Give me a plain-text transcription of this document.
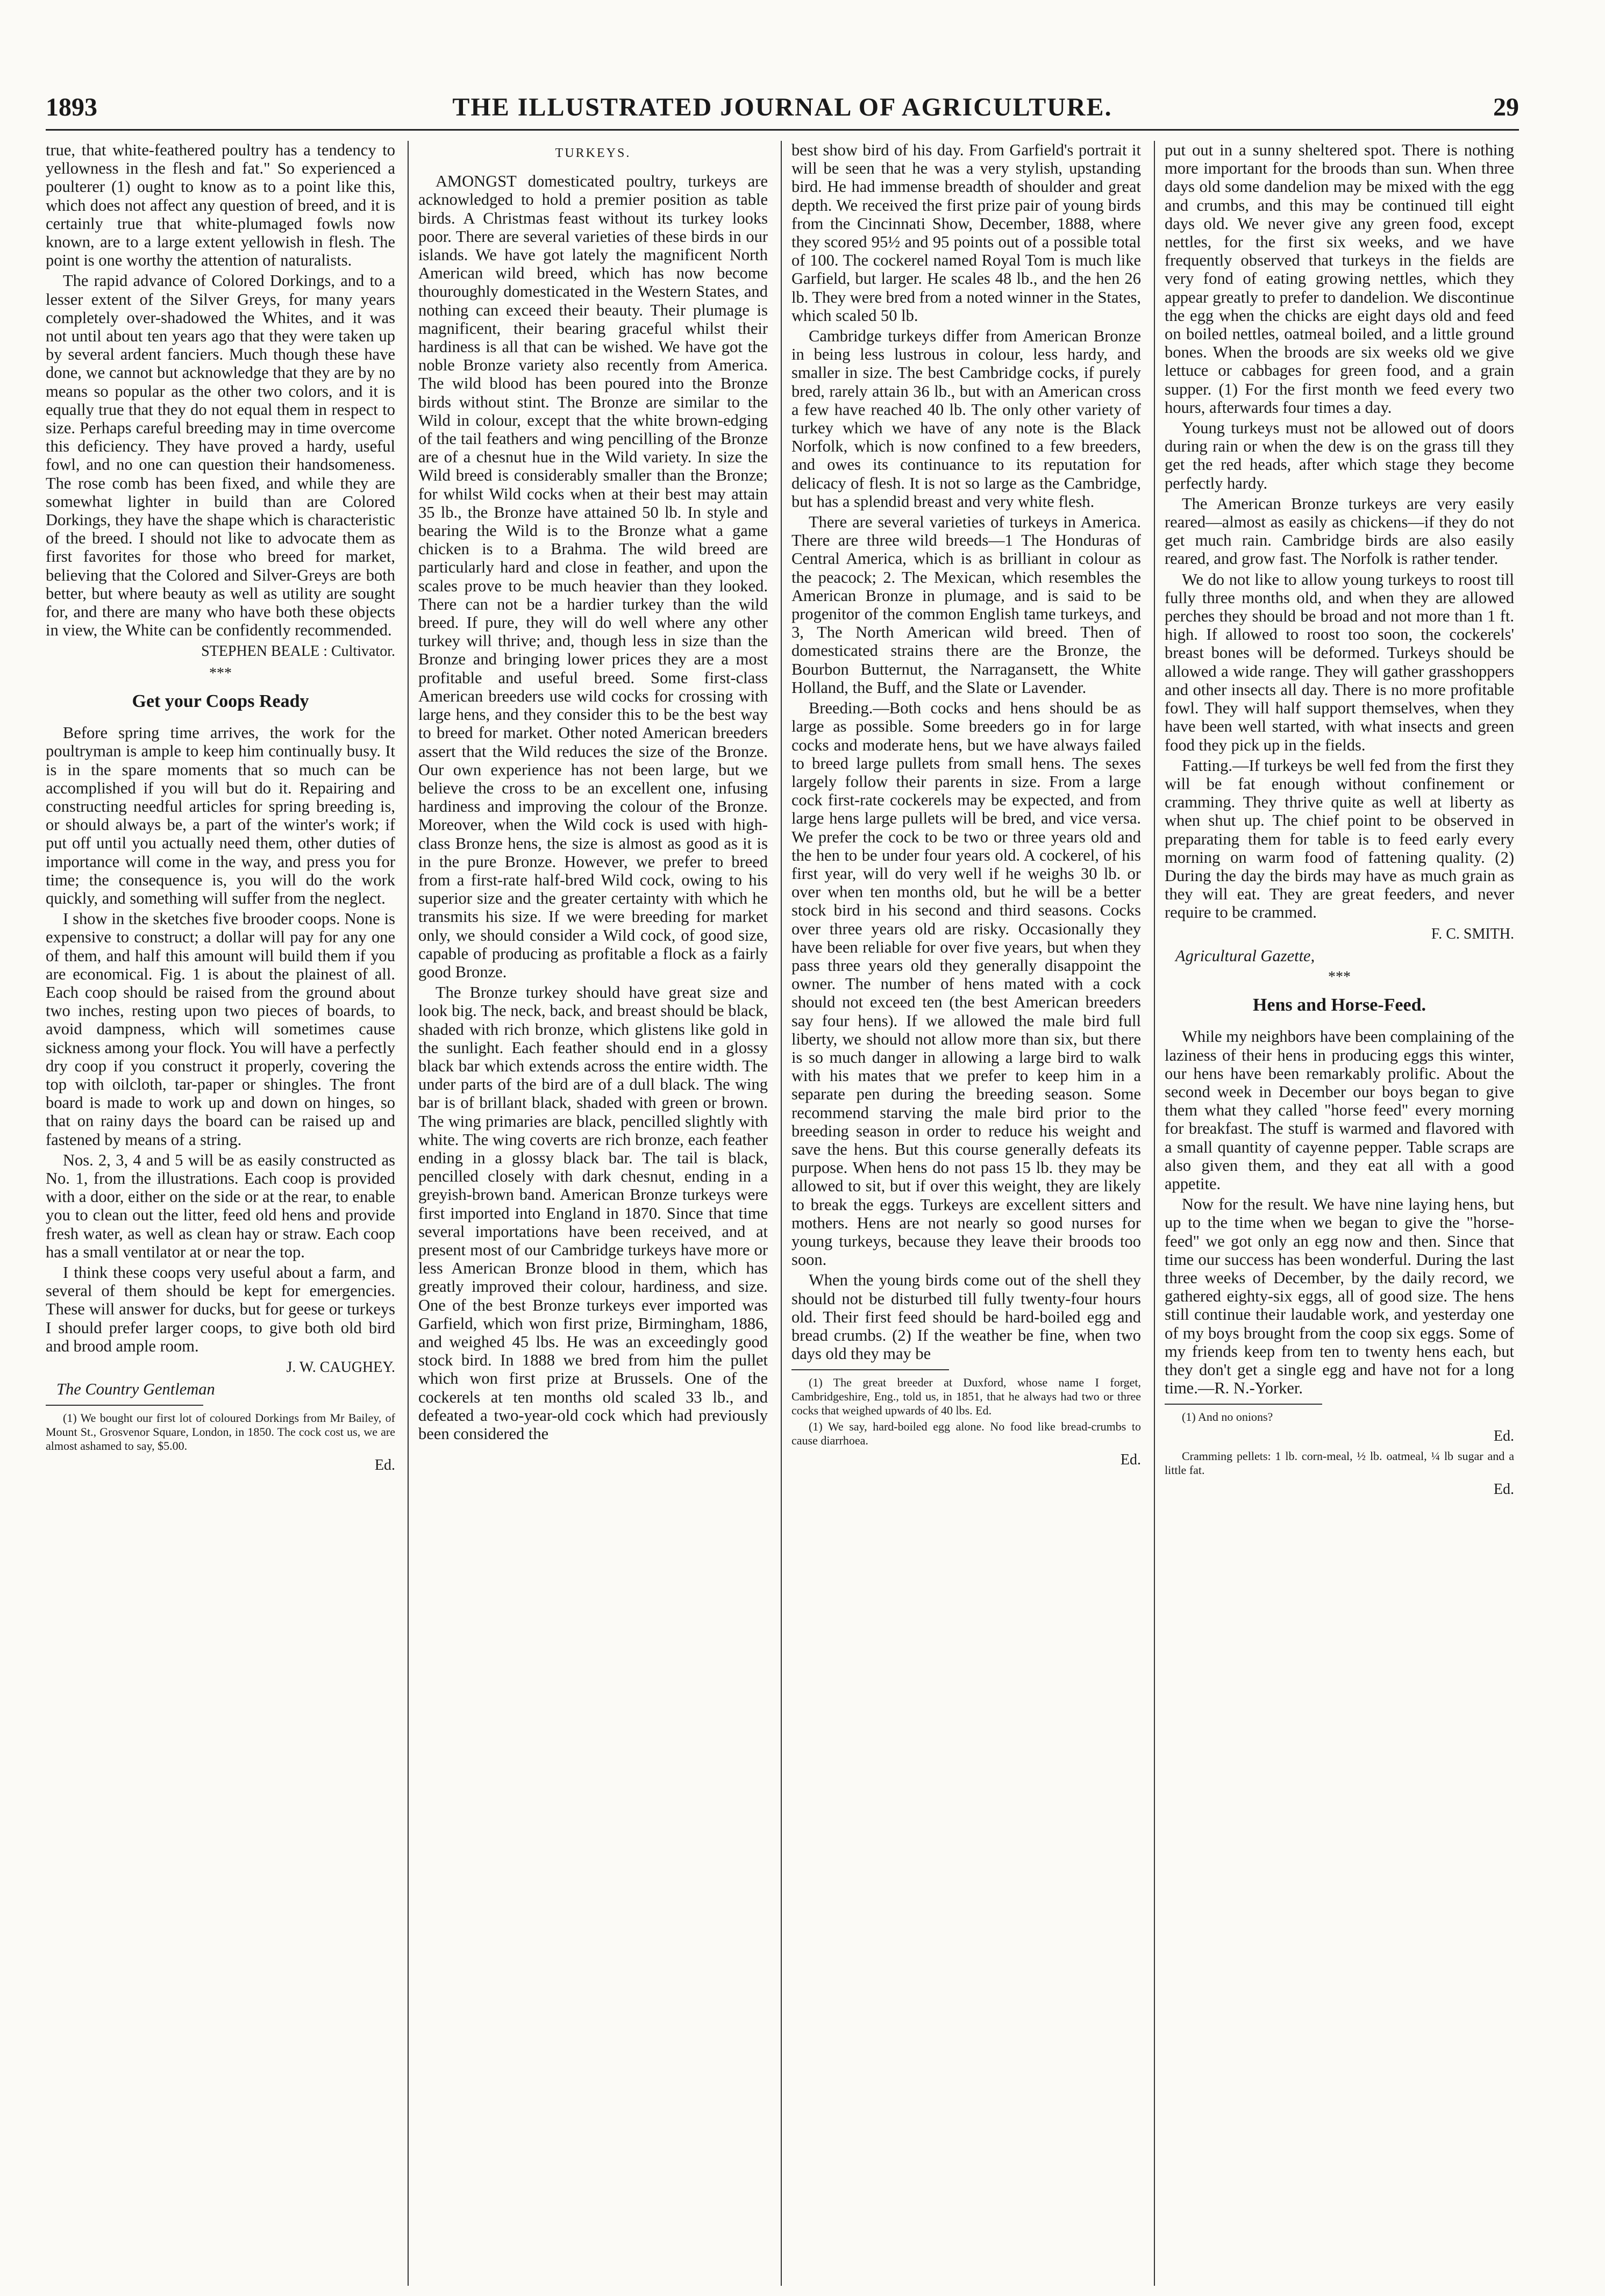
THE ILLUSTRATED JOURNAL OF AGRICULTURE.
1893	29

true, that white-feathered poultry has a tendency to yellowness in the flesh and fat." So experienced a poulterer (1) ought to know as to a point like this, which does not affect any question of breed, and it is certainly true that white-plumaged fowls now known, are to a large extent yellowish in flesh. The point is one worthy the attention of naturalists.

The rapid advance of Colored Dorkings, and to a lesser extent of the Silver Greys, for many years completely over-shadowed the Whites, and it was not until about ten years ago that they were taken up by several ardent fanciers. Much though these have done, we cannot but acknowledge that they are by no means so popular as the other two colors, and it is equally true that they do not equal them in respect to size. Perhaps careful breeding may in time overcome this deficiency. They have proved a hardy, useful fowl, and no one can question their handsomeness. The rose comb has been fixed, and while they are somewhat lighter in build than are Colored Dorkings, they have the shape which is characteristic of the breed. I should not like to advocate them as first favorites for those who breed for market, believing that the Colored and Silver-Greys are both better, but where beauty as well as utility are sought for, and there are many who have both these objects in view, the White can be confidently recommended.

STEPHEN BEALE : Cultivator.
***
Get your Coops Ready

Before spring time arrives, the work for the poultryman is ample to keep him continually busy. It is in the spare moments that so much can be accomplished if you will but do it. Repairing and constructing needful articles for spring breeding is, or should always be, a part of the winter's work; if put off until you actually need them, other duties of importance will come in the way, and press you for time; the consequence is, you will do the work quickly, and something will suffer from the neglect.

I show in the sketches five brooder coops. None is expensive to construct; a dollar will pay for any one of them, and half this amount will build them if you are economical. Fig. 1 is about the plainest of all. Each coop should be raised from the ground about two inches, resting upon two pieces of boards, to avoid dampness, which will sometimes cause sickness among your flock. You will have a perfectly dry coop if you construct it properly, covering the top with oilcloth, tar-paper or shingles. The front board is made to work up and down on hinges, so that on rainy days the board can be raised up and fastened by means of a string.

Nos. 2, 3, 4 and 5 will be as easily constructed as No. 1, from the illustrations. Each coop is provided with a door, either on the side or at the rear, to enable you to clean out the litter, feed old hens and provide fresh water, as well as clean hay or straw. Each coop has a small ventilator at or near the top.

I think these coops very useful about a farm, and several of them should be kept for emergencies. These will answer for ducks, but for geese or turkeys I should prefer larger coops, to give both old bird and brood ample room.

J. W. CAUGHEY.
The Country Gentleman

(1) We bought our first lot of coloured Dorkings from Mr Bailey, of Mount St., Grosvenor Square, London, in 1850. The cock cost us, we are almost ashamed to say, $5.00.

Ed.
TURKEYS.

AMONGST domesticated poultry, turkeys are acknowledged to hold a premier position as table birds. A Christmas feast without its turkey looks poor. There are several varieties of these birds in our islands. We have got lately the magnificent North American wild breed, which has now become thouroughly domesticated in the Western States, and nothing can exceed their beauty. Their plumage is magnificent, their bearing graceful whilst their hardiness is all that can be wished. We have got the noble Bronze variety also recently from America. The wild blood has been poured into the Bronze birds without stint. The Bronze are similar to the Wild in colour, except that the white brown-edging of the tail feathers and wing pencilling of the Bronze are of a chesnut hue in the Wild variety. In size the Wild breed is considerably smaller than the Bronze; for whilst Wild cocks when at their best may attain 35 lb., the Bronze have attained 50 lb. In style and bearing the Wild is to the Bronze what a game chicken is to a Brahma. The wild breed are particularly hard and close in feather, and upon the scales prove to be much heavier than they looked. There can not be a hardier turkey than the wild breed. If pure, they will do well where any other turkey will thrive; and, though less in size than the Bronze and bringing lower prices they are a most profitable and useful breed. Some first-class American breeders use wild cocks for crossing with large hens, and they consider this to be the best way to breed for market. Other noted American breeders assert that the Wild reduces the size of the Bronze. Our own experience has not been large, but we believe the cross to be an excellent one, infusing hardiness and improving the colour of the Bronze. Moreover, when the Wild cock is used with high-class Bronze hens, the size is almost as good as it is in the pure Bronze. However, we prefer to breed from a first-rate half-bred Wild cock, owing to his superior size and the greater certainty with which he transmits his size. If we were breeding for market only, we should consider a Wild cock, of good size, capable of producing as profitable a flock as a fairly good Bronze.

The Bronze turkey should have great size and look big. The neck, back, and breast should be black, shaded with rich bronze, which glistens like gold in the sunlight. Each feather should end in a glossy black bar which extends across the entire width. The under parts of the bird are of a dull black. The wing bar is of brillant black, shaded with green or brown. The wing primaries are black, pencilled slightly with white. The wing coverts are rich bronze, each feather ending in a glossy black bar. The tail is black, pencilled closely with dark chesnut, ending in a greyish-brown band. American Bronze turkeys were first imported into England in 1870. Since that time several importations have been received, and at present most of our Cambridge turkeys have more or less American Bronze blood in them, which has greatly improved their colour, hardiness, and size. One of the best Bronze turkeys ever imported was Garfield, which won first prize, Birmingham, 1886, and weighed 45 lbs. He was an exceedingly good stock bird. In 1888 we bred from him the pullet which won first prize at Brussels. One of the cockerels at ten months old scaled 33 lb., and defeated a two-year-old cock which had previously been considered the

best show bird of his day. From Garfield's portrait it will be seen that he was a very stylish, upstanding bird. He had immense breadth of shoulder and great depth. We received the first prize pair of young birds from the Cincinnati Show, December, 1888, where they scored 95½ and 95 points out of a possible total of 100. The cockerel named Royal Tom is much like Garfield, but larger. He scales 48 lb., and the hen 26 lb. They were bred from a noted winner in the States, which scaled 50 lb.

Cambridge turkeys differ from American Bronze in being less lustrous in colour, less hardy, and smaller in size. The best Cambridge cocks, if purely bred, rarely attain 36 lb., but with an American cross a few have reached 40 lb. The only other variety of turkey which we have of any note is the Black Norfolk, which is now confined to a few breeders, and owes its continuance to its reputation for delicacy of flesh. It is not so large as the Cambridge, but has a splendid breast and very white flesh.

There are several varieties of turkeys in America. There are three wild breeds—1 The Honduras of Central America, which is as brilliant in colour as the peacock; 2. The Mexican, which resembles the American Bronze in plumage, and is said to be progenitor of the common English tame turkeys, and 3, The North American wild breed. Then of domesticated strains there are the Bronze, the Bourbon Butternut, the Narragansett, the White Holland, the Buff, and the Slate or Lavender.

Breeding.—Both cocks and hens should be as large as possible. Some breeders go in for large cocks and moderate hens, but we have always failed to breed large pullets from small hens. The sexes largely follow their parents in size. From a large cock first-rate cockerels may be expected, and from large hens large pullets will be bred, and vice versa. We prefer the cock to be two or three years old and the hen to be under four years old. A cockerel, of his first year, will do very well if he weighs 30 lb. or over when ten months old, but he will be a better stock bird in his second and third seasons. Cocks over three years old are risky. Occasionally they have been reliable for over five years, but when they pass three years old they generally disappoint the owner. The number of hens mated with a cock should not exceed ten (the best American breeders say four hens). If we allowed the male bird full liberty, we should not allow more than six, but there is so much danger in allowing a large bird to walk with his mates that we prefer to keep him in a separate pen during the breeding season. Some recommend starving the male bird prior to the breeding season in order to reduce his weight and save the hens. But this course generally defeats its purpose. When hens do not pass 15 lb. they may be allowed to sit, but if over this weight, they are likely to break the eggs. Turkeys are excellent sitters and mothers. Hens are not nearly so good nurses for young turkeys, because they leave their broods too soon.

When the young birds come out of the shell they should not be disturbed till fully twenty-four hours old. Their first feed should be hard-boiled egg and bread crumbs. (2) If the weather be fine, when two days old they may be

(1) The great breeder at Duxford, whose name I forget, Cambridgeshire, Eng., told us, in 1851, that he always had two or three cocks that weighed upwards of 40 lbs. Ed.

(1) We say, hard-boiled egg alone. No food like bread-crumbs to cause diarrhoea.

Ed.

put out in a sunny sheltered spot. There is nothing more important for the broods than sun. When three days old some dandelion may be mixed with the egg and crumbs, and this may be continued till eight days old. We never give any green food, except nettles, for the first six weeks, and we have frequently observed that turkeys in the fields are very fond of eating growing nettles, which they appear greatly to prefer to dandelion. We discontinue the egg when the chicks are eight days old and feed on boiled nettles, oatmeal boiled, and a little ground bones. When the broods are six weeks old we give lettuce or cabbages for green food, and a grain supper. (1) For the first month we feed every two hours, afterwards four times a day.

Young turkeys must not be allowed out of doors during rain or when the dew is on the grass till they get the red heads, after which stage they become perfectly hardy.

The American Bronze turkeys are very easily reared—almost as easily as chickens—if they do not get much rain. Cambridge birds are also easily reared, and grow fast. The Norfolk is rather tender.

We do not like to allow young turkeys to roost till fully three months old, and when they are allowed perches they should be broad and not more than 1 ft. high. If allowed to roost too soon, the cockerels' breast bones will be deformed. Turkeys should be allowed a wide range. They will gather grasshoppers and other insects all day. There is no more profitable fowl. They will half support themselves, when they have been well started, with what insects and green food they pick up in the fields.

Fatting.—If turkeys be well fed from the first they will be fat enough without confinement or cramming. They thrive quite as well at liberty as when shut up. The chief point to be observed in preparating them for table is to feed early every morning on warm food of fattening quality. (2) During the day the birds may have as much grain as they will eat. They are great feeders, and never require to be crammed.

F. C. SMITH.
Agricultural Gazette,
***
Hens and Horse-Feed.

While my neighbors have been complaining of the laziness of their hens in producing eggs this winter, our hens have been remarkably prolific. About the second week in December our boys began to give them what they called "horse feed" every morning for breakfast. The stuff is warmed and flavored with a small quantity of cayenne pepper. Table scraps are also given them, and they eat all with a good appetite.

Now for the result. We have nine laying hens, but up to the time when we began to give the "horse-feed" we got only an egg now and then. Since that time our success has been wonderful. During the last three weeks of December, by the daily record, we gathered eighty-six eggs, all of good size. The hens still continue their laudable work, and yesterday one of my boys brought from the coop six eggs. Some of my friends keep from ten to twenty hens each, but they don't get a single egg and have not for a long time.—R. N.-Yorker.

(1) And no onions?

Ed.

Cramming pellets: 1 lb. corn-meal, ½ lb. oatmeal, ¼ lb sugar and a little fat.

Ed.
